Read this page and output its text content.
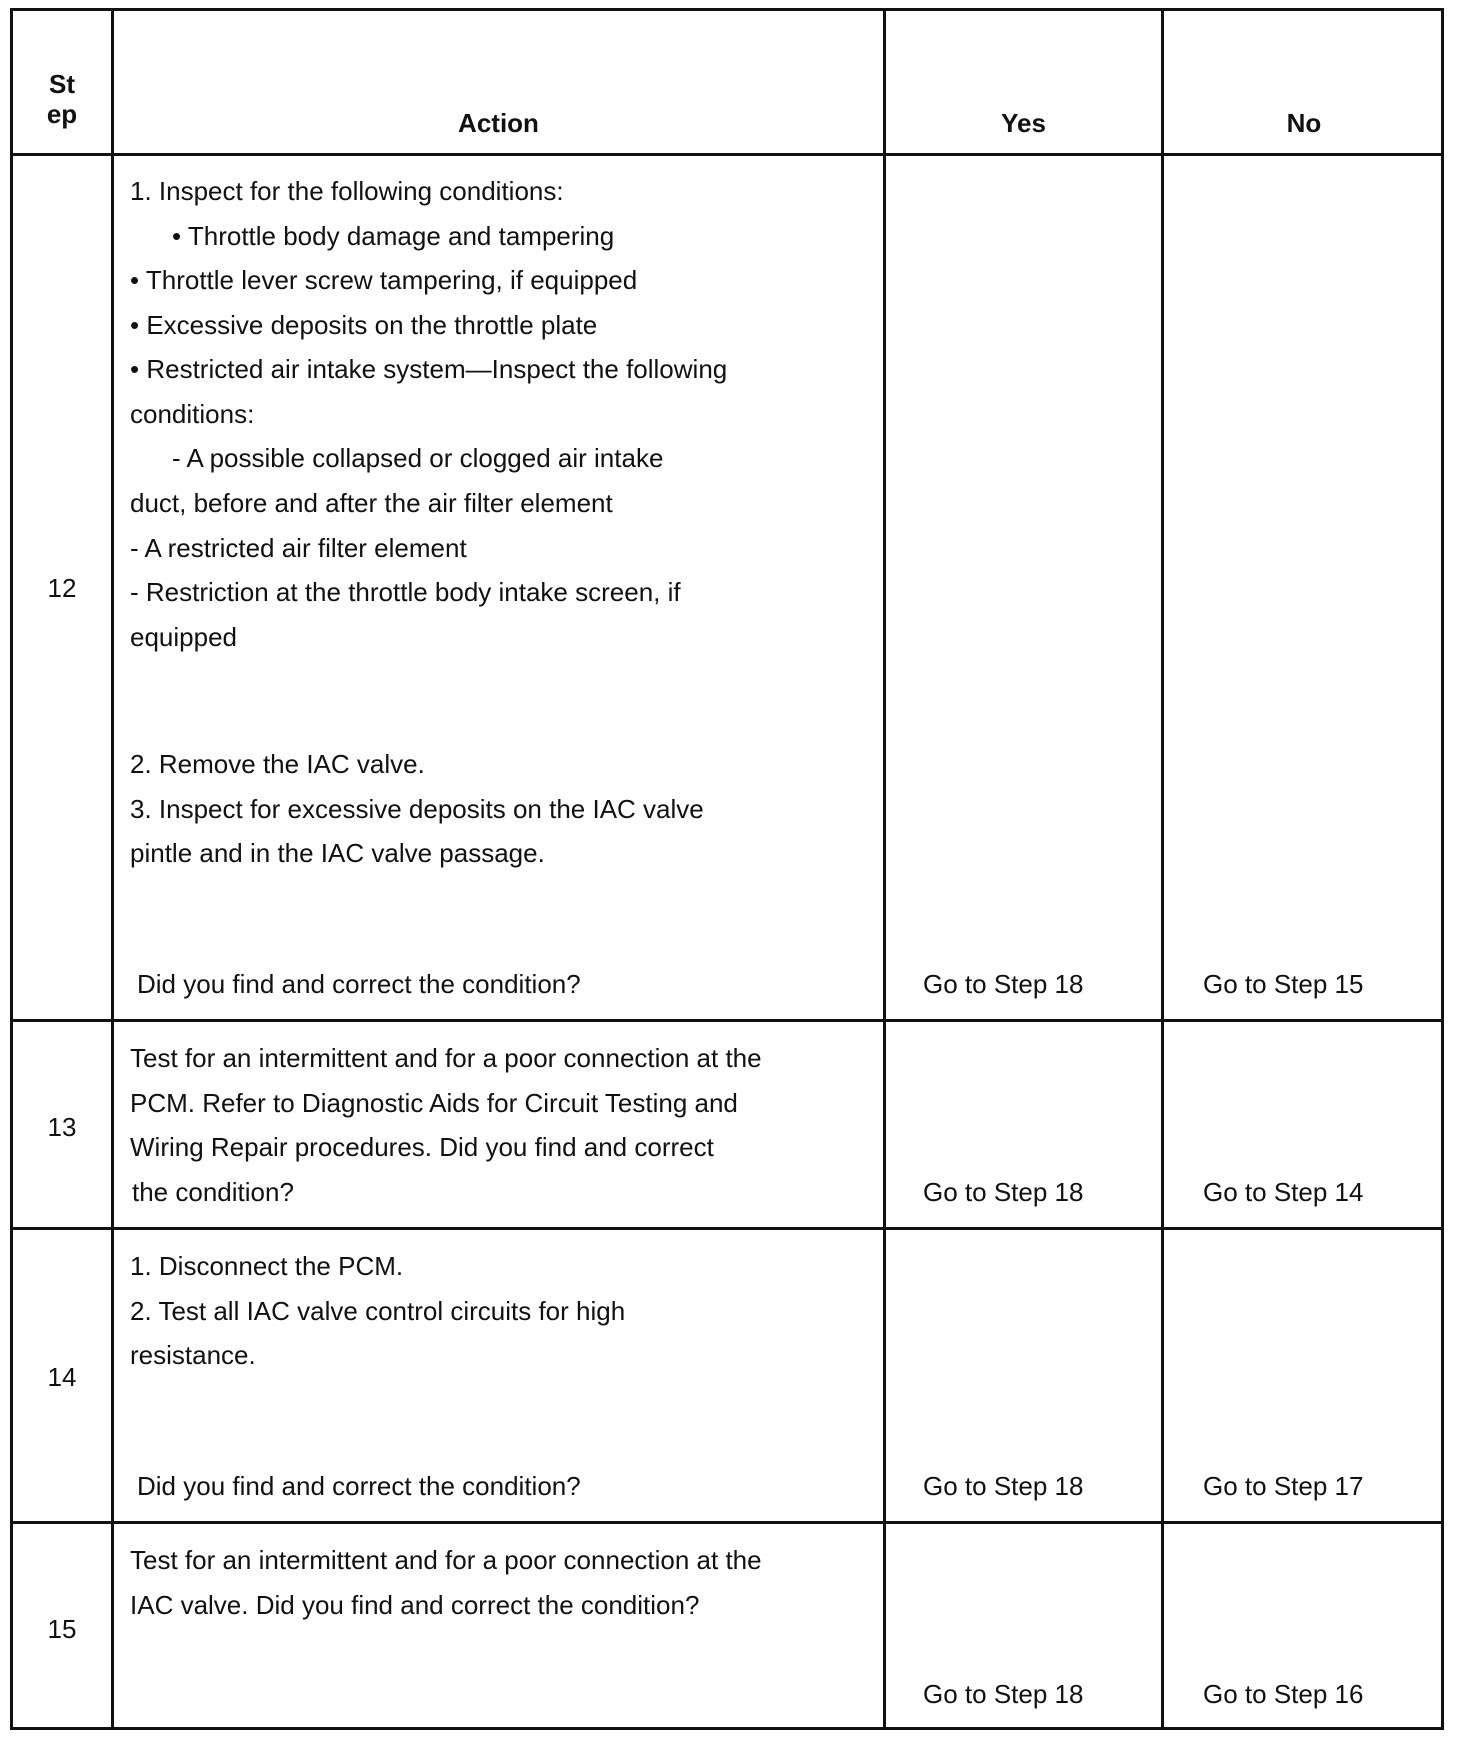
St
ep	Action	Yes	No
12
1. Inspect for the following conditions:
• Throttle body damage and tampering
• Throttle lever screw tampering, if equipped
• Excessive deposits on the throttle plate
• Restricted air intake system—Inspect the following
conditions:
- A possible collapsed or clogged air intake
duct, before and after the air filter element
- A restricted air filter element
- Restriction at the throttle body intake screen, if
equipped
2. Remove the IAC valve.
3. Inspect for excessive deposits on the IAC valve
pintle and in the IAC valve passage.
Did you find and correct the condition?	Go to Step 18	Go to Step 15
13
Test for an intermittent and for a poor connection at the
PCM. Refer to Diagnostic Aids for Circuit Testing and
Wiring Repair procedures. Did you find and correct
the condition?	Go to Step 18	Go to Step 14
14
1. Disconnect the PCM.
2. Test all IAC valve control circuits for high
resistance.
Did you find and correct the condition?	Go to Step 18	Go to Step 17
15
Test for an intermittent and for a poor connection at the
IAC valve. Did you find and correct the condition?
Go to Step 18	Go to Step 16
